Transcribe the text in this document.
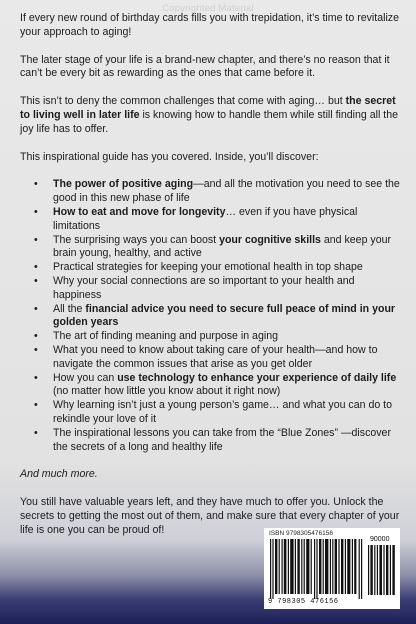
Copyrighted Material

If every new round of birthday cards fills you with trepidation, it’s time to revitalize your approach to aging!

The later stage of your life is a brand-new chapter, and there’s no reason that it can’t be every bit as rewarding as the ones that came before it.

This isn’t to deny the common challenges that come with aging… but the secret to living well in later life is knowing how to handle them while still finding all the joy life has to offer.

This inspirational guide has you covered. Inside, you’ll discover:

• The power of positive aging—and all the motivation you need to see the good in this new phase of life
• How to eat and move for longevity… even if you have physical limitations
• The surprising ways you can boost your cognitive skills and keep your brain young, healthy, and active
• Practical strategies for keeping your emotional health in top shape
• Why your social connections are so important to your health and happiness
• All the financial advice you need to secure full peace of mind in your golden years
• The art of finding meaning and purpose in aging
• What you need to know about taking care of your health—and how to navigate the common issues that arise as you get older
• How you can use technology to enhance your experience of daily life (no matter how little you know about it right now)
• Why learning isn’t just a young person’s game… and what you can do to rekindle your love of it
• The inspirational lessons you can take from the “Blue Zones” —discover the secrets of a long and healthy life

And much more.

You still have valuable years left, and they have much to offer you. Unlock the secrets to getting the most out of them, and make sure that every chapter of your life is one you can be proud of!	ISBN 9798305476156
90000
9 798305 476156
